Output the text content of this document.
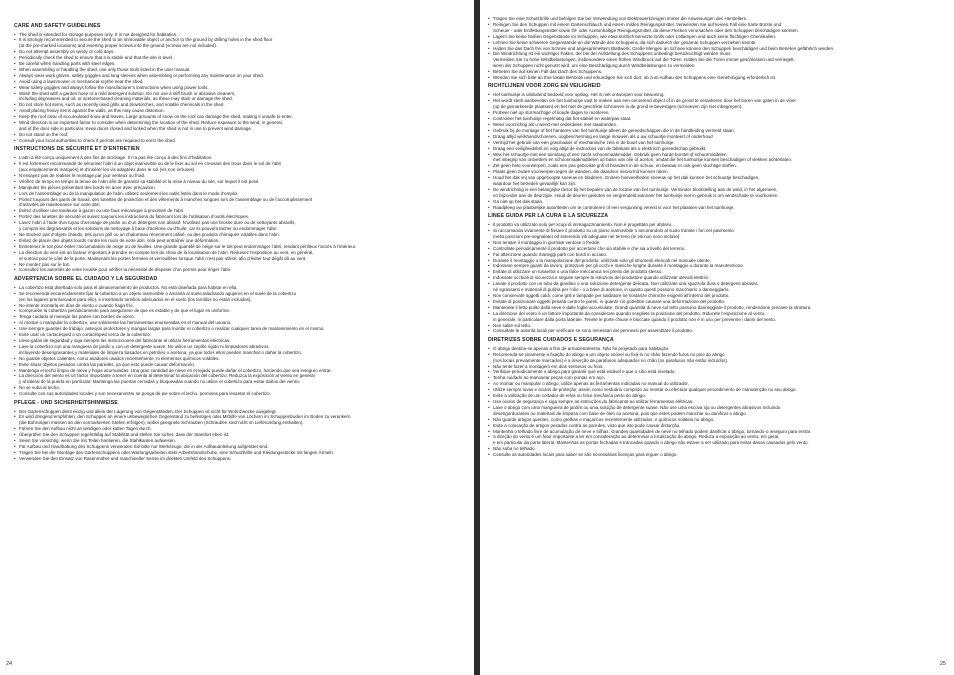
CARE AND SAFETY GUIDELINES
• The shed is intended for storage purposes only. It is not designed for habitation.
• It is strongly recommended to secure the shed to an immovable object or anchor to the ground by drilling holes in the shed floor
(at the pre-marked locations) and inserting proper screws into the ground (screws are not included).
• Do not attempt assembly on windy or cold days.
• Periodically check the shed to ensure that it is stable and that the site is level.
• Be careful when handling parts with steel edges.
• When assembling or handling the shed, use only those tools listed in the user manual.
• Always wear work gloves, safety goggles and long sleeves when assembling or performing any maintenance on your shed.
• Avoid using a lawnmower or mechanical scythe near the shed.
• Wear safety goggles and always follow the manufacturer’s instructions when using power tools.
• Wash the shed with a garden hose or a mild detergent solution. Do not use a stiff brush or abrasive cleaners,
including degreasers and oil- or acetone-based cleaning materials, as these may stain or damage the shed.
• Do not store hot items, such as recently used grills and blowtorches, and volatile chemicals in the shed.
• Avoid placing heavy items against the walls, as this may cause distortion.
• Keep the roof clear of accumulated snow and leaves. Large amounts of snow on the roof can damage the shed, making it unsafe to enter.
• Wind direction is an important factor to consider when determining the location of the shed. Reduce exposure to the wind, in general,
and of the door side in particular. Keep doors closed and locked when the shed is not in use to prevent wind damage.
• Do not stand on the roof.
• Consult your local authorities to check if permits are required to erect the shed.
INSTRUCTIONS DE SÉCURITÉ ET D’ENTRETIEN
• L’abri a été conçu uniquement à des fins de stockage. Il n’a pas été conçu à des fins d’habitation.
• Il est fortement recommandé de sécuriser l’abri à un objet inamovible ou de le fixer au sol en creusant des trous dans le sol de l’abri
(aux emplacements marqués) et d’insérer les vis adaptées dans le sol (vis non incluses).
• N’essayez pas de réaliser le montage par jour venteux ou froid.
• Vérifiez de temps en temps la tenue de l’abri afin de garantir sa stabilité et la mise à niveau du site, sur lequel il est posé.
• Manipulez les pièces présentant des bords en acier avec précaution.
• Lors de l’assemblage ou de la manipulation de l’abri, utilisez seulement les outils listés dans le mode d’emploi.
• Portez toujours des gants de travail, des lunettes de protection et des vêtements à manches longues lors de l’assemblage ou de l’accomplissement
d’activités de maintenance sur votre abri.
• Évitez d’utiliser une tondeuse à gazon ou une faux mécanique à proximité de l’abri.
• Portez des lunettes de sécurité et suivez toujours les instructions du fabricant lors de l’utilisation d’outils électriques.
• Lavez l’abri à l’aide d’un tuyau d’arrosage de jardin ou d’un détergent non abrasif. N’utilisez pas une brosse dure ou de nettoyants abrasifs,
y compris les dégraissants et les solutions de nettoyage à base d’acétone ou d’huile, car ils peuvent tacher ou endommager l’abri.
• Ne stockez pas d’objets chauds, tels qu’un grill ou un chalumeau récemment utilisé, ou des produits chimiques volatiles dans l’abri.
• Évitez de placer des objets lourds contre les murs de votre abri, cela peut entraîner une déformation.
• Entretenez le toit pour éviter l’accumulation de neige ou de feuilles. Une grande quantité de neige sur le toit peut endommager l’abri, rendant périlleux l’accès à l’intérieur.
• La direction du vent est un facteur important à prendre en compte lors du choix de la localisation de l’abri. Réduisez l’exposition au vent, en général,
et surtout pour le côté de la porte. Maintenant les portes fermées et verrouillées lorsque l’abri n’est pas utilisé, afin d’éviter tout dégât dû au vent.
• Ne montez pas sur le toit.
• Consultez les autorités de votre localité pour vérifier la nécessité de disposer d’un permis pour ériger l’abri.
ADVERTENCIA SOBRE EL CUIDADO Y LA SEGURIDAD
• La cobertizo está diseñada solo para el almacenamiento de productos. No está diseñada para habitar en ella.
• Se recomienda encarecidamente fijar la cobertizo a un objeto inamovible o anclarla al suelo taladrando agujeros en el suelo de la cobertizo
(en los lugares premarcados para ello), e insertando tornillos adecuados en el suelo (los tornillos no están incluidos).
• No intente montarla en días de viento o cuando haga frío.
• Compruebe la cobertizo periódicamente para asegurarse de que es estable y de que el lugar es uniforme.
• Tenga cuidado al manejar las partes con bordes de acero.
• Al montar o manipular la cobertizo, use solamente las herramientas enumeradas en el manual del usuario.
• Use siempre guantes de trabajo, anteojos protectores y mangas largas para montar el cobertizo o realizar cualquier tarea de mantenimiento en el mismo.
• Evite usar un cortacésped o un cortacésped cerca de la cobertizo.
• Lleve gafas de seguridad y siga siempre las instrucciones del fabricante al utilizar herramientas eléctricas.
• Lave la cobertizo con una manguera de jardín o con un detergente suave. No utilice un cepillo rígido ni limpiadores abrasivos,
incluyendo desengrasantes y materiales de limpieza basados en petróleo o acetona, ya que todos ellos pueden manchar o dañar la cobertizo.
• No guarde objetos calientes, como asadores usados recientemente, ni elementos químicos volátiles.
• Evite situar objetos pesados contra las paredes, ya que esto puede causar deformación.
• Mantenga el techo limpio de nieve y hojas acumuladas. Una gran cantidad de nieve en el tejado puede dañar el cobertizo, haciendo que sea inseguro entrar.
• La dirección del viento es un factor importante a tener en cuenta al determinar la ubicación del cobertizo. Reduzca la exposición al viento en general
y al lateral de la puerta en particular. Mantenga las puertas cerradas y bloqueadas cuando no utilice el cobertizo para evitar daños del viento.
• No se suba al techo.
• Consulte con sus autoridades locales y son necesariosNo se ponga de pie sobre el techo. permisos para levantar el cobertizo.
PFLEGE - UND SICHERHEITSHINWEISE
• Der Gartenschuppen dient einzig und allein der Lagerung von Gegenständen. Der Schuppen ist nicht für Wohnzwecke ausgelegt.
• Es wird dringend empfohlen, den Schuppen an einem unbeweglichen Gegenstand zu befestigen oder Mithilfe von Löchern im Schuppenboden im Boden zu verankern
(die Bohrungen müssen an den vormarkierten Stellen erfolgen), wobei geeignete Schrauben (Schrauben sind nicht im Lieferumfang enthalten).
• Führen Sie den Aufbau nicht an windigen oder kalten Tagen durch.
• Überprüfen Sie den Schuppen regelmäßig auf Stabilität und stellen Sie sicher, dass der Standort eben ist.
• Seien Sie vorsichtig, wenn Sie mit Teilen hantieren, die Stahlkanten aufweisen.
• Für Aufbau und Handhabung des Schuppens verwenden Sie bitte nur Werkzeuge, die in der Aufbauanleitung aufgelistet sind.
• Tragen Sie bei der Montage des Gartenschuppens oder Wartungsarbeiten stets Arbeitshandschuhe, eine Schutzbrille und Kleidungsstücke mit langen Ärmeln.
• Verwenden Sie den Einsatz von Rasenmäher und maschineller Sense im direkten Umfeld des Schuppens.
24
• Tragen Sie eine Schutzbrille und befolgen Sie bei Verwendung von Elektrowerkzeugen immer die Anweisungen des Herstellers.
• Reinigen Sie den Schuppen mit einem Gartenschlauch und einem milden Reinigungsmittel. Verwenden Sie auf keinen Fall eine harte Bürste und
Scheuer - oder Entfettungsmittel sowie Öl- oder Acetonhaltige Reinigungsmittel, da diese Flecken verursachen oder den Schuppen beschädigen könnten.
• Lagern Sie keine heißen Gegenstände im Schuppen, wie etwa kürzlich benutzte Grills oder Lötlampen und auch keine flüchtigen Chemikalien.
• Lehnen Sie keine schweren Gegenstände an die Wände des Schuppens, da sich dadurch der gesamte Schuppen verziehen könnte.
• Halten Sie das Dach frei von Schnee und angesammeltem Blattwerk. Große Mengen an Schnee können den Schuppen beschädigen und beim Betreten gefährlich werden.
• Die Windrichtung ist ein wichtiger Faktor, der bei der Aufstellung des Schuppens unbedingt berücksichtigt werden muss.
Vermeiden Sie zu hohe Windbelastungen, insbesondere einen frühen Windbruck auf die Türen. Halten Sie die Türen immer geschlossen und verriegelt,
wenn der Schuppen nicht genutzt wird, um eine Beschädigung durch Windbelastungen zu vermeiden.
• Betreten Sie auf keinen Fall das Dach des Schuppens.
• Wenden Sie sich bitte an Ihre lokale Behörde und erkundigen Sie sich dort, ob zum Aufbau des Schuppens eine Genehmigung erforderlich ist.
RICHTLIJNEN VOOR ZORG EN VEILIGHEID
• Het tuinhuisje is uitsluitend bedoeld voor opslag. Het is niet ontworpen voor bewoning.
• Het wordt sterk aanbevolen om het tuinhuisje vast te maken aan een onroerend object of in de grond te verankeren door het boren van gaten in de vloer
(op de gemarkeerde plaatsen) en het met de geschikte schroeven in de grond te bevestigen (schroeven zijn niet inbegrepen).
• Probeer niet op stormachtige of koude dagen te monteren.
• Controleer het tuinhuisje regelmatig dat het stabiel en waterpas staat.
• Wees voorzichtig als u werkt met onderdelen met staalranden.
• Gebruik bij de montage of het hanteren van het tuinhuisje alleen de gereedschappen die in de handleiding vermeld staan.
• Draag altijd werkhandschoenen, oogbescherming en lange mouwen als u uw schuurtje monteert of onderhoud
• Vermijd het gebruik van een grasmaaier of mechanische zeis in de buurt van het tuinhuisje.
• Draag een veiligheidsbril en volg altijd de instructies van de fabrikant als u elektrisch gereedschap gebruikt.
• Was het schuurtje met een tuinslang of een zacht schoonmaakmiddel. Gebruik geen harde borstel of schuurmiddelen,
met inbegrip van ontvetters en schoonmaakmiddelen op basis van olie of aceton, omdat die het tuinhuisje kunnen beschadigen of vlekken achterlaten.
• Zet geen hete voorwerpen, zoals een pas gebruikte grill of branders in de schuur, en bewaar er ook geen vluchtige stoffen.
• Plaats geen zware voorwerpen tegen de wanden, die daardoor misvormd kunnen raken.
• Houd het dak vrij van opgehoopte sneeuw en bladeren. Grotere hoeveelheden sneeuw op het dak kunnen het schuurtje beschadigen,
waardoor het betreden gevaarlijk kan zijn.
• De windrichting is een belangrijke factor bij het bepalen van de locatie van het tuinhuisje. Verminder blootstelling aan de wind, in het algemeen,
en bijzonder aan de deurzijde. Houd de deuren gesloten en vergrendeld wanneer het tuinhuisje niet in gebruik is om windschade te voorkomen.
• Ga niet op het dak staan.
• Raadpleeg uw plaatselijke autoriteiten om te controleren of een vergunning vereist is voor het plaatsen van het tuinhuisje.
LINEE GUIDA PER LA CURA E LA SICUREZZA
• Il prodotto va utilizzato solo per scopi di immagazzinamento. Non è progettato per abitarvi.
• Si raccomanda vivamente di fissare il prodotto su un piano inamovibile o ancorandolo al suolo tramite i fori nel pavimento
(nella posizioni pre-segnalate) ed inserendo viti adeguate nel terreno (le viti non sono incluse).
• Non tentare il montaggio in giornate ventose o fredde.
• Controllate periodicamente il prodotto per accertarvi che sia stabile e che sia a livello del terreno.
• Fai attenzione quando maneggi parti con bordi in acciaio.
• Durante il montaggio o la manipolazione del prodotto, utilizzate solo gli strumenti elencati nel manuale utente.
• Indossare sempre guanti da lavoro, protezioni per gli occhi e maniche lunghe durante il montaggio o durante la manutenzione
• Evitate di utilizzare un tosaerba o una falce meccanica nei pressi del prodotto stesso.
• Indossate occhiali di sicurezza e seguite sempre le istruzioni del produttore quando utilizzate utensili elettrici.
• Lavate il prodotto con un tubo da giardino o una soluzione detergente delicata. Non utilizzate una spazzola dura o detergenti abrasivi,
né sgrassanti e materiali di pulizia per l’olio - o a base di acetone, in quanto questi possono macchiarlo o danneggiarlo.
• Non conservate oggetti caldi, come grill e lampade per saldature né sostanze chimiche esigenti all’interno del prodotto.
• Evitate di posizionare oggetti pesanti contro le pareti, in quanto ciò potrebbe causare una deformazione del prodotto.
• Mantenete il tetto pulito dalla neve e dalle foglie accumulate. Grandi quantità di neve sul tetto possono danneggiare il prodotto, rendendone precarie la struttura.
• La direzione del vento è un fattore importante da considerare quando scegliete la posizione del prodotto. Riducete l’esposizione al vento,
in generale, in particolare dalla porta laterale. Tenete le porte chiuse e bloccate quando il prodotto non è in uso per prevenire i danni del vento.
• Non salite sul tetto.
• Consultate le autorità locali per verificare se sono necessari dei permessi per assemblare il prodotto.
DIRETRIZES SOBRE CUIDADOS E SEGURANÇA
• O abrigo destina-se apenas a fins de armazenamento. Não foi projetado para habitação.
• Recomenda-se vivamente a fixação do abrigo a um objeto imóvel ou fixá-lo no chão fazendo furos no piso do abrigo
(nos locais previamente marcados) e a inserção de parafusos adequados no chão (os parafusos não estão incluídos).
• Não tente fazer a montagem em dias ventosos ou frios.
• Verifique periodicamente o abrigo para garantir que está estável e que o sítio está nivelado.
• Tenha cuidado ao manusear peças com pontas em aço.
• Ao montar ou manipular o abrigo, utilize apenas as ferramentas indicadas no manual do utilizador.
• Utilize sempre luvas e óculos de proteção, assim como vestuário comprido ao montar ou efectuar qualquer procedimento de manutenção no seu abrigo.
• Evite a utilização de um cortador de relva ou foice mecânica perto do abrigo.
• Use óculos de segurança e siga sempre as instruções do fabricante ao utilizar ferramentas elétricas.
• Lave o abrigo com uma mangueira de jardim ou uma solução de detergente suave. Não use uma escova rija ou detergentes abrasivos incluindo
desengordurantes ou materiais de limpeza com base de óleo ou acetona, pois que estes podem manchar ou danificar o abrigo.
• Não guarde artigos quentes, como grelhas e maçaricos recentemente utilizados, e químicos voláteis no abrigo.
• Evite a colocação de artigos pesados contra as paredes, visto que isto pode causar distorção.
• Mantenha o telhado livre de acumulação de neve e folhas. Grandes quantidades de neve no telhado podem danificar o abrigo, tornando-o inseguro para entrar.
• A direção do vento é um fator importante a ter em consideração ao determinar a localização do abrigo. Reduza a exposição ao vento, em geral,
e em particular da porta lateral. Mantenhas as portas fechadas e trancadas quando o abrigo não estiver a ser utilizado para evitar danos causados pelo vento.
• Não suba no telhado.
• Consulte as autoridades locais para saber se são necessárias licenças para erguer o abrigo.
25
